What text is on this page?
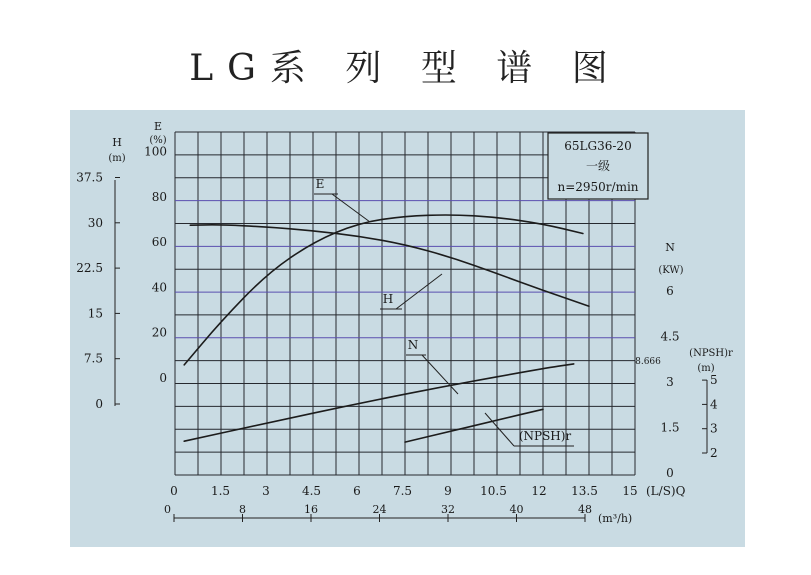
LG系 列 型 谱 图
H
(m)
37.5
30
22.5
15
7.5
0
E
(%)
100
80
60
40
20
0
N
(KW)
6
4.5
3
1.5
0
8.666
(NPSH)r
(m)
5
4
3
2
0	1.5	3	4.5	6	7.5	9 10.5 12 13.5 15 (L/S)Q
0	8	16	24	32	40	48
(m³/h)
E
H
N
(NPSH)r
65LG36-20
一级
n=2950r/min
